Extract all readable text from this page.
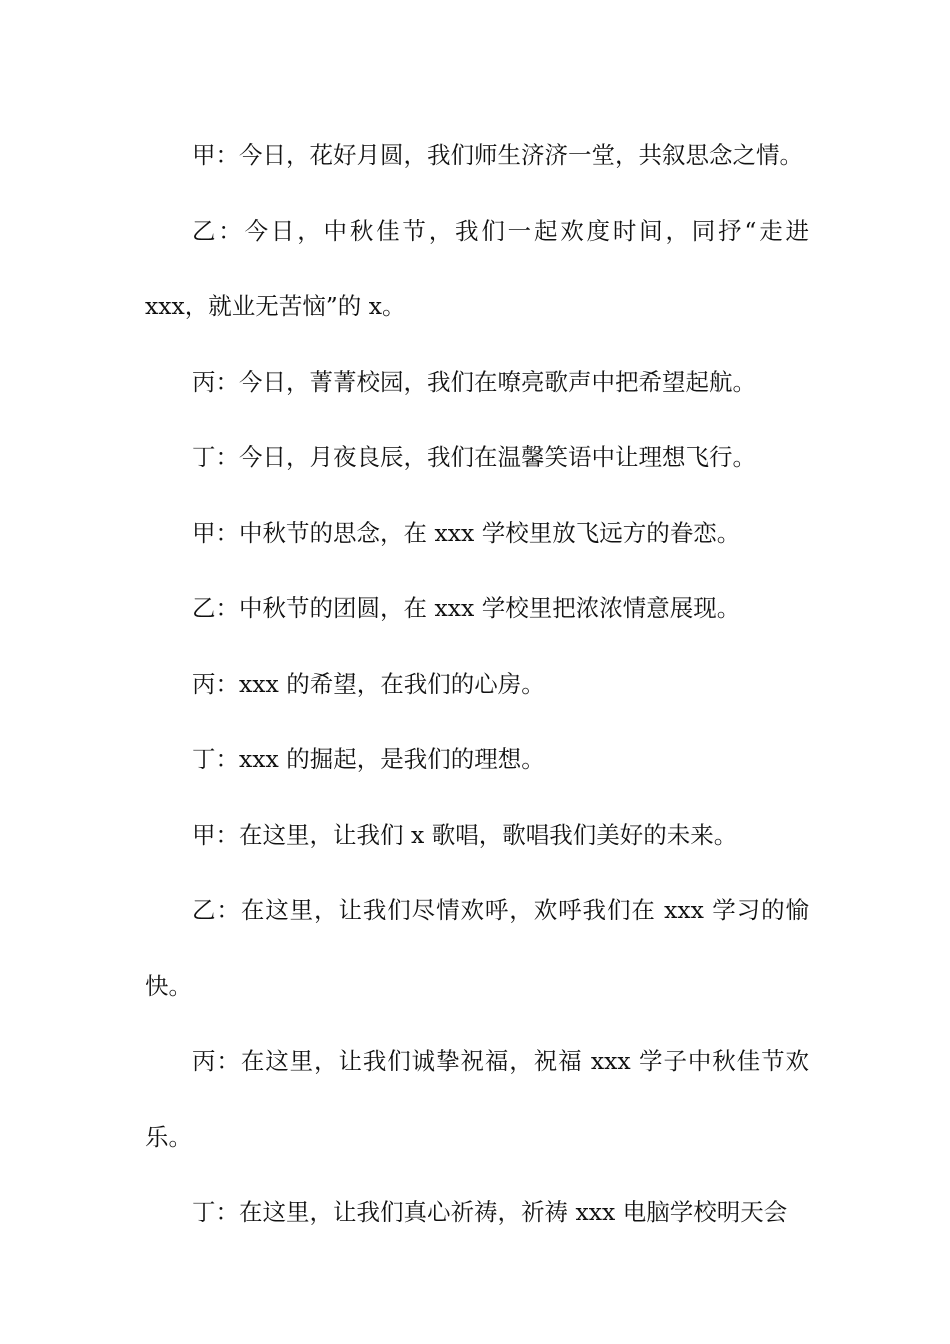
甲：今日，花好月圆，我们师生济济一堂，共叙思念之情。

乙：今日，中秋佳节，我们一起欢度时间，同抒“走进 xxx，就业无苦恼”的 x。

丙：今日，菁菁校园，我们在嘹亮歌声中把希望起航。

丁：今日，月夜良辰，我们在温馨笑语中让理想飞行。

甲：中秋节的思念，在 xxx 学校里放飞远方的眷恋。

乙：中秋节的团圆，在 xxx 学校里把浓浓情意展现。

丙：xxx 的希望，在我们的心房。

丁：xxx 的掘起，是我们的理想。

甲：在这里，让我们 x 歌唱，歌唱我们美好的未来。

乙：在这里，让我们尽情欢呼，欢呼我们在 xxx 学习的愉快。

丙：在这里，让我们诚挚祝福，祝福 xxx 学子中秋佳节欢乐。

丁：在这里，让我们真心祈祷，祈祷 xxx 电脑学校明天会
